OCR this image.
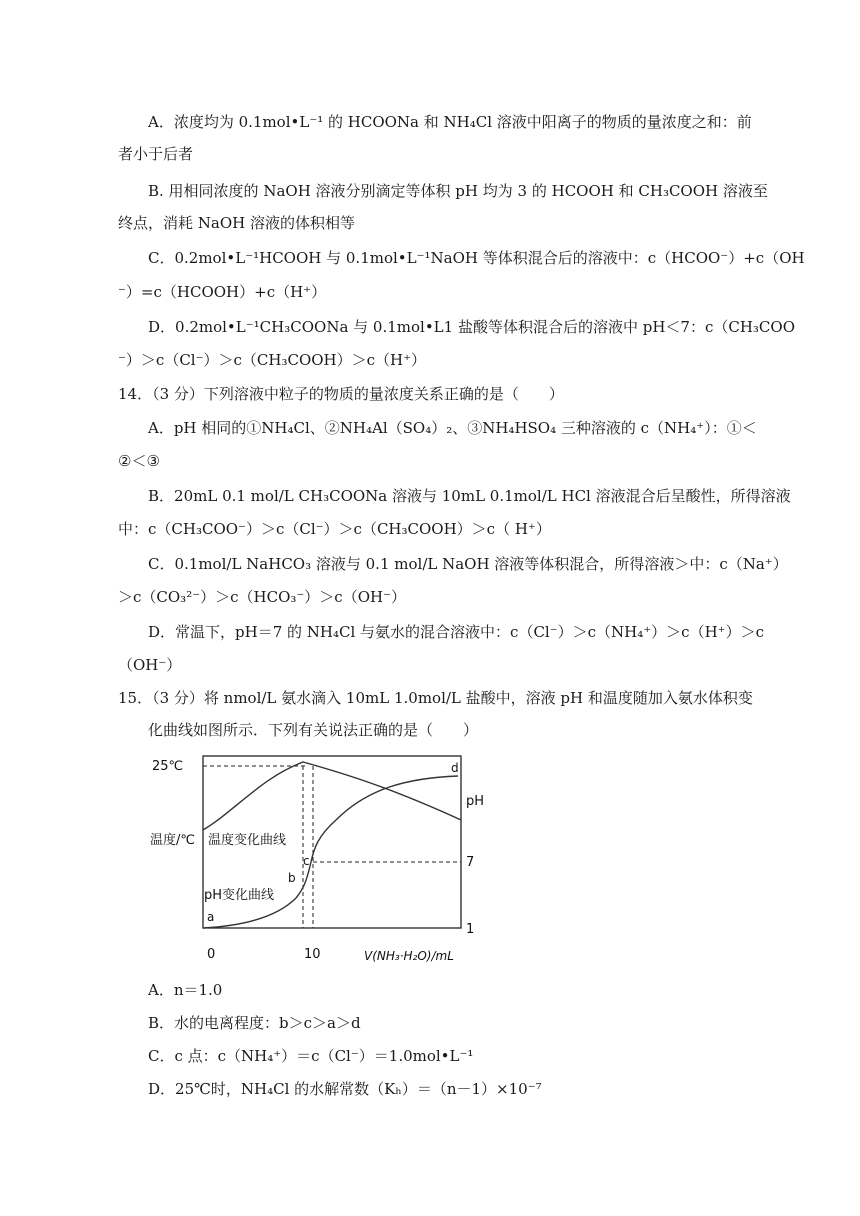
A．浓度均为 0.1mol•L⁻¹ 的 HCOONa 和 NH₄Cl 溶液中阳离子的物质的量浓度之和：前
者小于后者
B. 用相同浓度的 NaOH 溶液分别滴定等体积 pH 均为 3 的 HCOOH 和 CH₃COOH 溶液至
终点，消耗 NaOH 溶液的体积相等
C．0.2mol•L⁻¹HCOOH 与 0.1mol•L⁻¹NaOH 等体积混合后的溶液中：c（HCOO⁻）+c（OH
⁻）=c（HCOOH）+c（H⁺）
D．0.2mol•L⁻¹CH₃COONa 与 0.1mol•L1 盐酸等体积混合后的溶液中 pH＜7：c（CH₃COO
⁻）＞c（Cl⁻）＞c（CH₃COOH）＞c（H⁺）
14．（3 分）下列溶液中粒子的物质的量浓度关系正确的是（　　）
A．pH 相同的①NH₄Cl、②NH₄Al（SO₄）₂、③NH₄HSO₄ 三种溶液的 c（NH₄⁺）：①＜
②＜③
B．20mL 0.1 mol/L CH₃COONa 溶液与 10mL 0.1mol/L HCl 溶液混合后呈酸性，所得溶液
中：c（CH₃COO⁻）＞c（Cl⁻）＞c（CH₃COOH）＞c（ H⁺）
C．0.1mol/L NaHCO₃ 溶液与 0.1 mol/L NaOH 溶液等体积混合，所得溶液＞中：c（Na⁺）
＞c（CO₃²⁻）＞c（HCO₃⁻）＞c（OH⁻）
D．常温下，pH＝7 的 NH₄Cl 与氨水的混合溶液中：c（Cl⁻）＞c（NH₄⁺）＞c（H⁺）＞c
（OH⁻）
15．（3 分）将 nmol/L 氨水滴入 10mL 1.0mol/L 盐酸中，溶液 pH 和温度随加入氨水体积变
化曲线如图所示．下列有关说法正确的是（　　）
25℃
温度/℃ 温度变化曲线
pH变化曲线
a
b
c
d
pH
7
1
0	10	V(NH₃·H₂O)/mL
A．n＝1.0
B．水的电离程度：b＞c＞a＞d
C．c 点：c（NH₄⁺）＝c（Cl⁻）＝1.0mol•L⁻¹
D．25℃时，NH₄Cl 的水解常数（Kₕ）＝（n－1）×10⁻⁷
